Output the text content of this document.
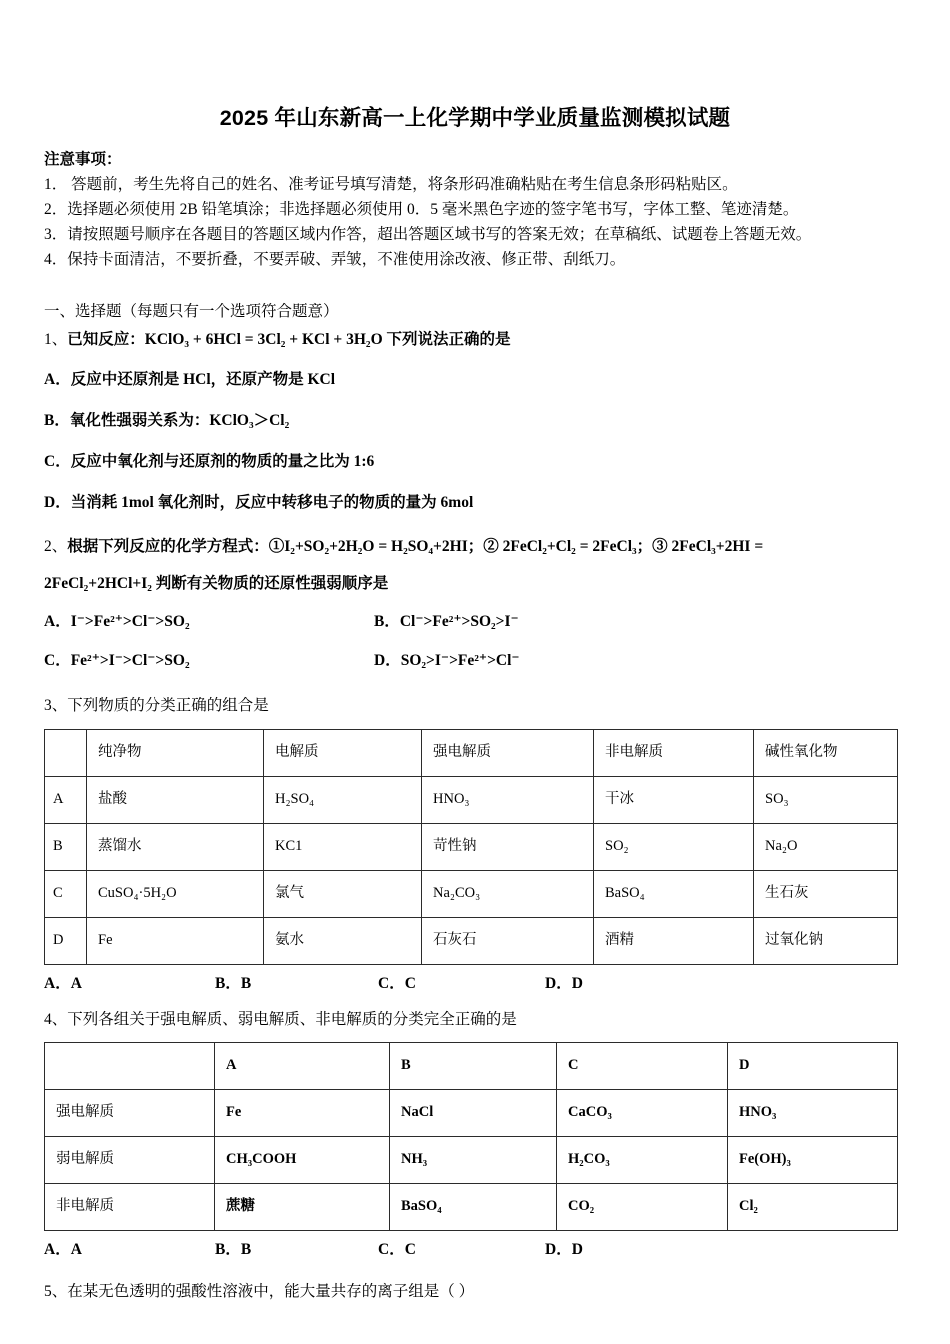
2025 年山东新高一上化学期中学业质量监测模拟试题

注意事项：

1． 答题前，考生先将自己的姓名、准考证号填写清楚，将条形码准确粘贴在考生信息条形码粘贴区。

2．选择题必须使用 2B 铅笔填涂；非选择题必须使用 0．5 毫米黑色字迹的签字笔书写，字体工整、笔迹清楚。

3．请按照题号顺序在各题目的答题区域内作答，超出答题区域书写的答案无效；在草稿纸、试题卷上答题无效。

4．保持卡面清洁，不要折叠，不要弄破、弄皱，不准使用涂改液、修正带、刮纸刀。

一、选择题（每题只有一个选项符合题意）

1、已知反应：KClO₃ + 6HCl = 3Cl₂ + KCl + 3H₂O 下列说法正确的是

A．反应中还原剂是 HCl，还原产物是 KCl

B．氧化性强弱关系为：KClO₃＞Cl₂

C．反应中氧化剂与还原剂的物质的量之比为 1:6

D．当消耗 1mol 氧化剂时，反应中转移电子的物质的量为 6mol

2、根据下列反应的化学方程式：①I₂+SO₂+2H₂O = H₂SO₄+2HI；② 2FeCl₂+Cl₂ = 2FeCl₃；③ 2FeCl₃+2HI =

2FeCl₂+2HCl+I₂ 判断有关物质的还原性强弱顺序是

A．I⁻>Fe²⁺>Cl⁻>SO₂	B．Cl⁻>Fe²⁺>SO₂>I⁻
C．Fe²⁺>I⁻>Cl⁻>SO₂	D．SO₂>I⁻>Fe²⁺>Cl⁻

3、下列物质的分类正确的组合是

	纯净物	电解质	强电解质	非电解质	碱性氧化物
A	盐酸	H₂SO₄	HNO₃	干冰	SO₃
B	蒸馏水	KC1	苛性钠	SO₂	Na₂O
C	CuSO₄·5H₂O	氯气	Na₂CO₃	BaSO₄	生石灰
D	Fe	氨水	石灰石	酒精	过氧化钠
A．A	B．B	C．C	D．D

4、下列各组关于强电解质、弱电解质、非电解质的分类完全正确的是

	A	B	C	D
强电解质	Fe	NaCl	CaCO₃	HNO₃
弱电解质	CH₃COOH	NH₃	H₂CO₃	Fe(OH)₃
非电解质	蔗糖	BaSO₄	CO₂	Cl₂
A．A	B．B	C．C	D．D

5、在某无色透明的强酸性溶液中，能大量共存的离子组是（ ）
